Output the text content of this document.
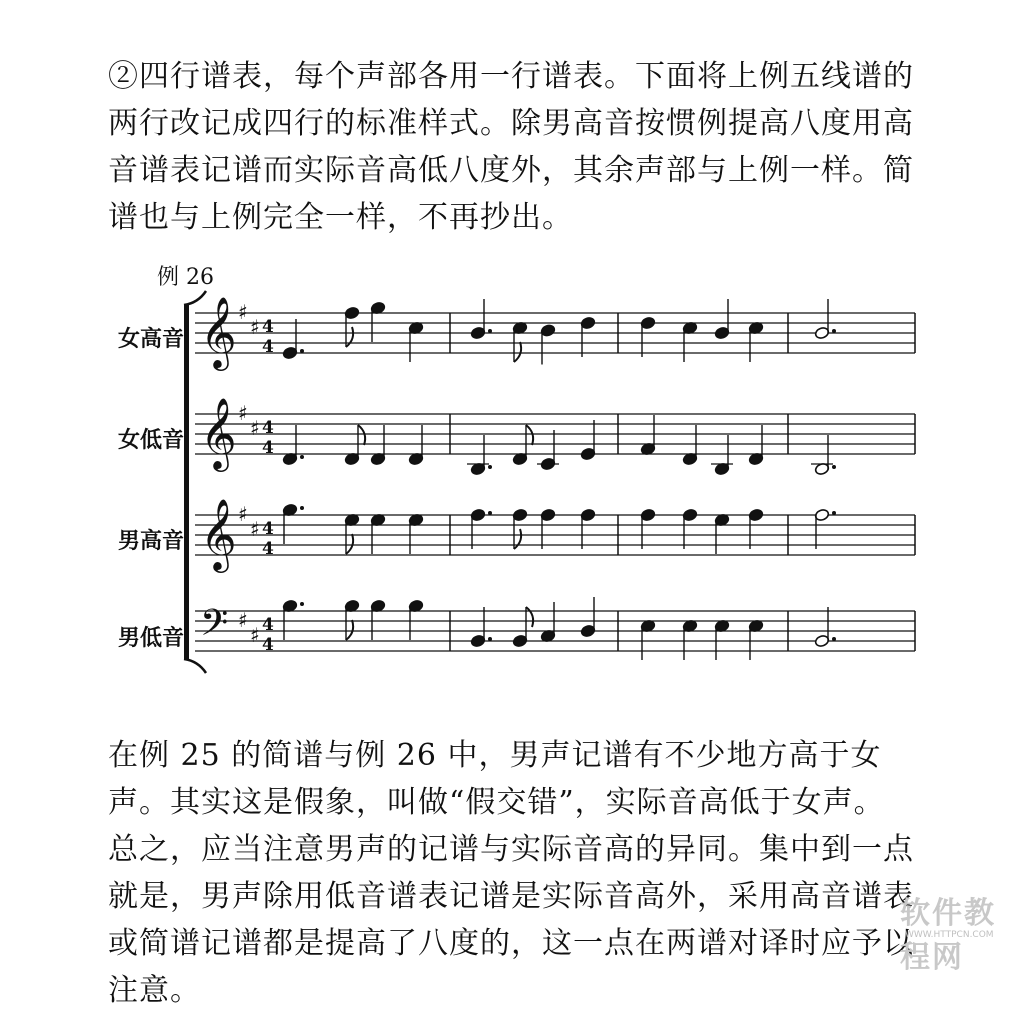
②四行谱表，每个声部各用一行谱表。下面将上例五线谱的两行改记成四行的标准样式。除男高音按惯例提高八度用高音谱表记谱而实际音高低八度外，其余声部与上例一样。简谱也与上例完全一样，不再抄出。

例 26
女高音
女低音
男高音
男低音
𝄞 ♯
♯ 4
4
𝄞 ♯
♯ 4
4
𝄞 ♯
♯ 4
4
𝄢 ♯
♯ 4
4

在例 25 的简谱与例 26 中，男声记谱有不少地方高于女声。其实这是假象，叫做“假交错”，实际音高低于女声。

总之，应当注意男声的记谱与实际音高的异同。集中到一点就是，男声除用低音谱表记谱是实际音高外，采用高音谱表或简谱记谱都是提高了八度的，这一点在两谱对译时应予以注意。

软件教程网
WWW.HTTPCN.COM
